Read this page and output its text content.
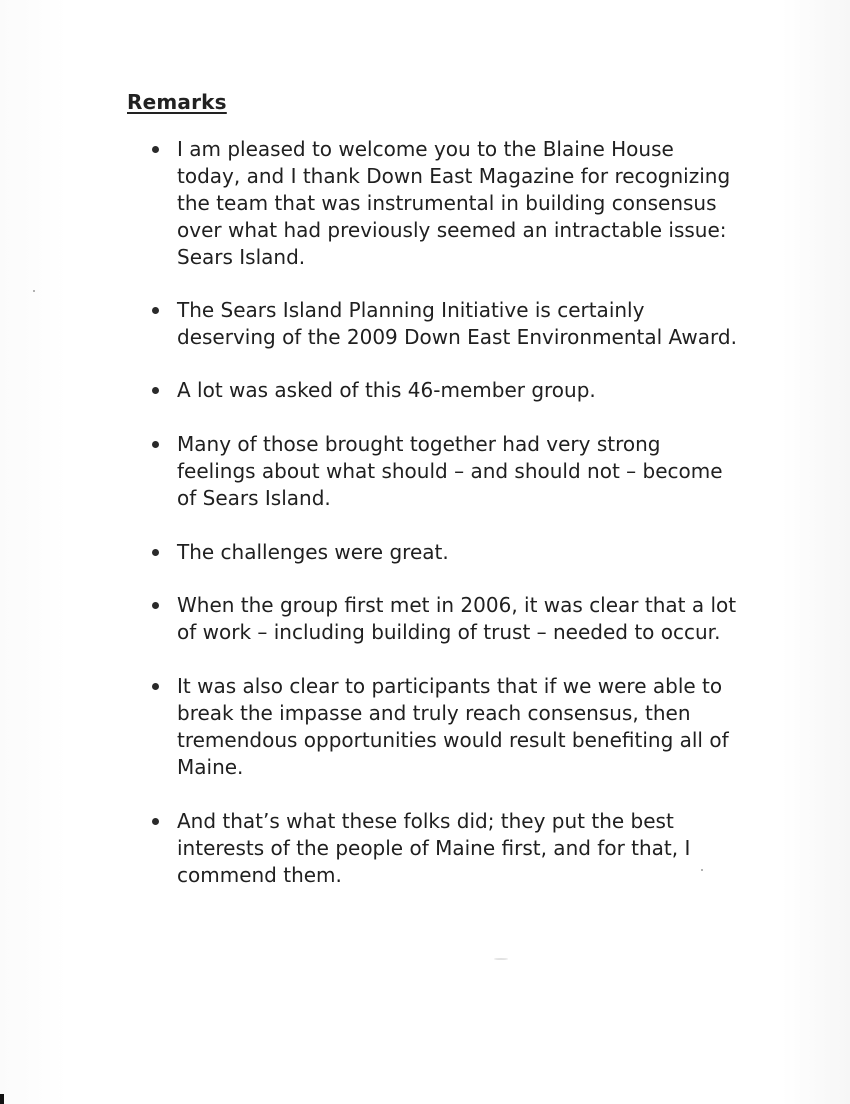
Remarks
I am pleased to welcome you to the Blaine House
today, and I thank Down East Magazine for recognizing
the team that was instrumental in building consensus
over what had previously seemed an intractable issue:
Sears Island.
The Sears Island Planning Initiative is certainly
deserving of the 2009 Down East Environmental Award.
A lot was asked of this 46-member group.
Many of those brought together had very strong
feelings about what should – and should not – become
of Sears Island.
The challenges were great.
When the group first met in 2006, it was clear that a lot
of work – including building of trust – needed to occur.
It was also clear to participants that if we were able to
break the impasse and truly reach consensus, then
tremendous opportunities would result benefiting all of
Maine.
And that’s what these folks did; they put the best
interests of the people of Maine first, and for that, I
commend them.
